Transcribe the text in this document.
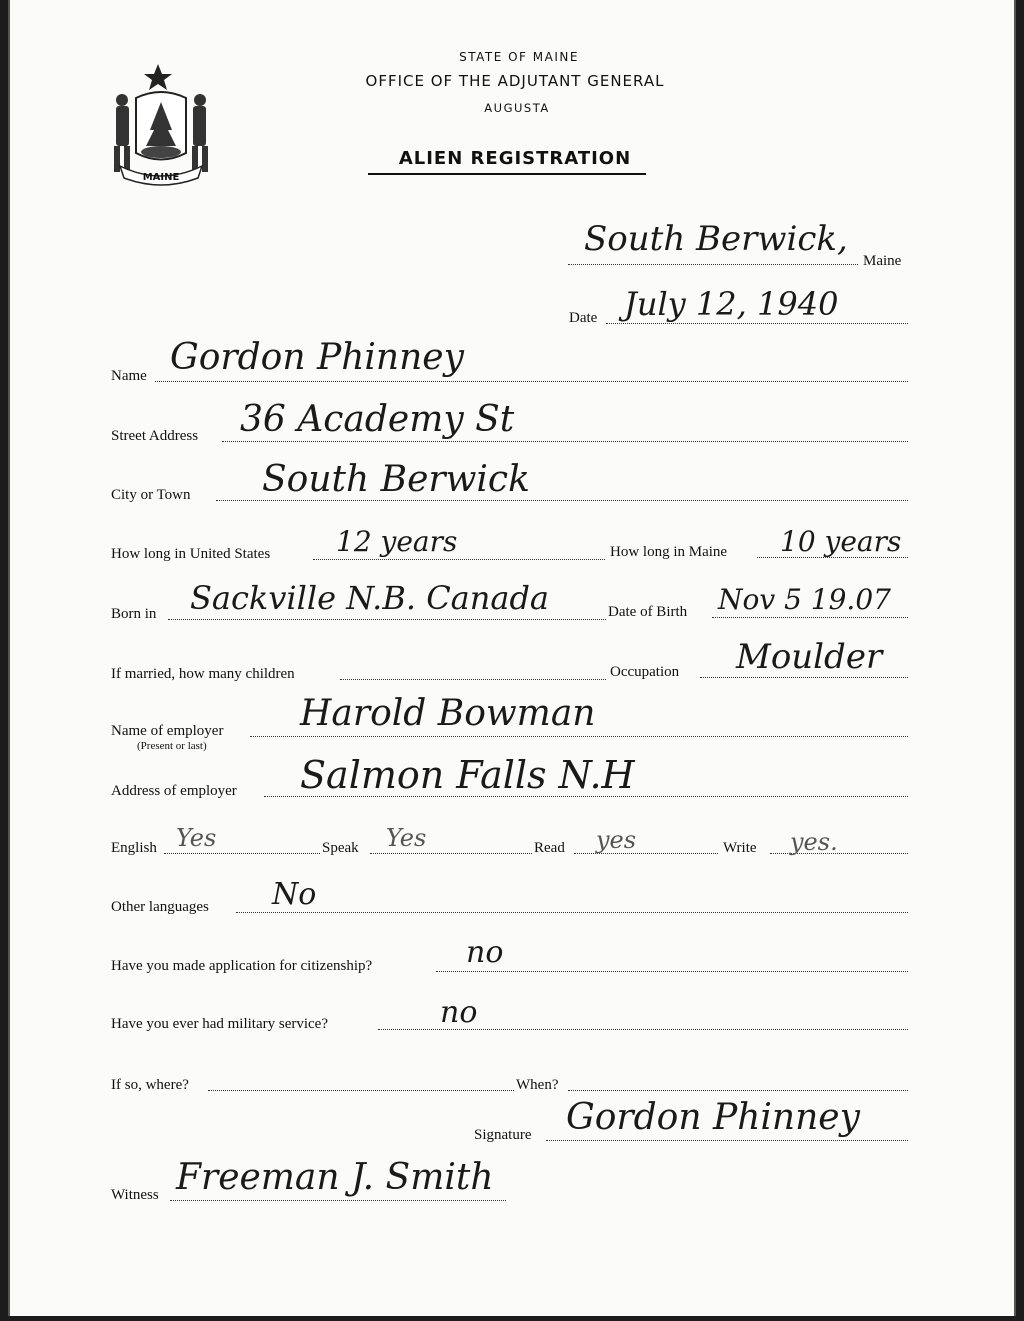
MAINE
STATE OF MAINE
OFFICE OF THE ADJUTANT GENERAL
AUGUSTA
ALIEN REGISTRATION
South Berwick,
Maine
Date July 12, 1940
Name Gordon Phinney
Street Address 36 Academy St
City or Town South Berwick
How long in United States 12 years	How long in Maine 10 years
Born in Sackville N.B. Canada	Date of Birth Nov 5 19.07
If married, how many children	Occupation Moulder
Name of employer
(Present or last)
Harold Bowman
Address of employer Salmon Falls N.H
English Yes	Speak Yes	Read yes	Write yes.
Other languages No
Have you made application for citizenship?	no
Have you ever had military service?	no
If so, where?	When?
Signature Gordon Phinney
Witness Freeman J. Smith
